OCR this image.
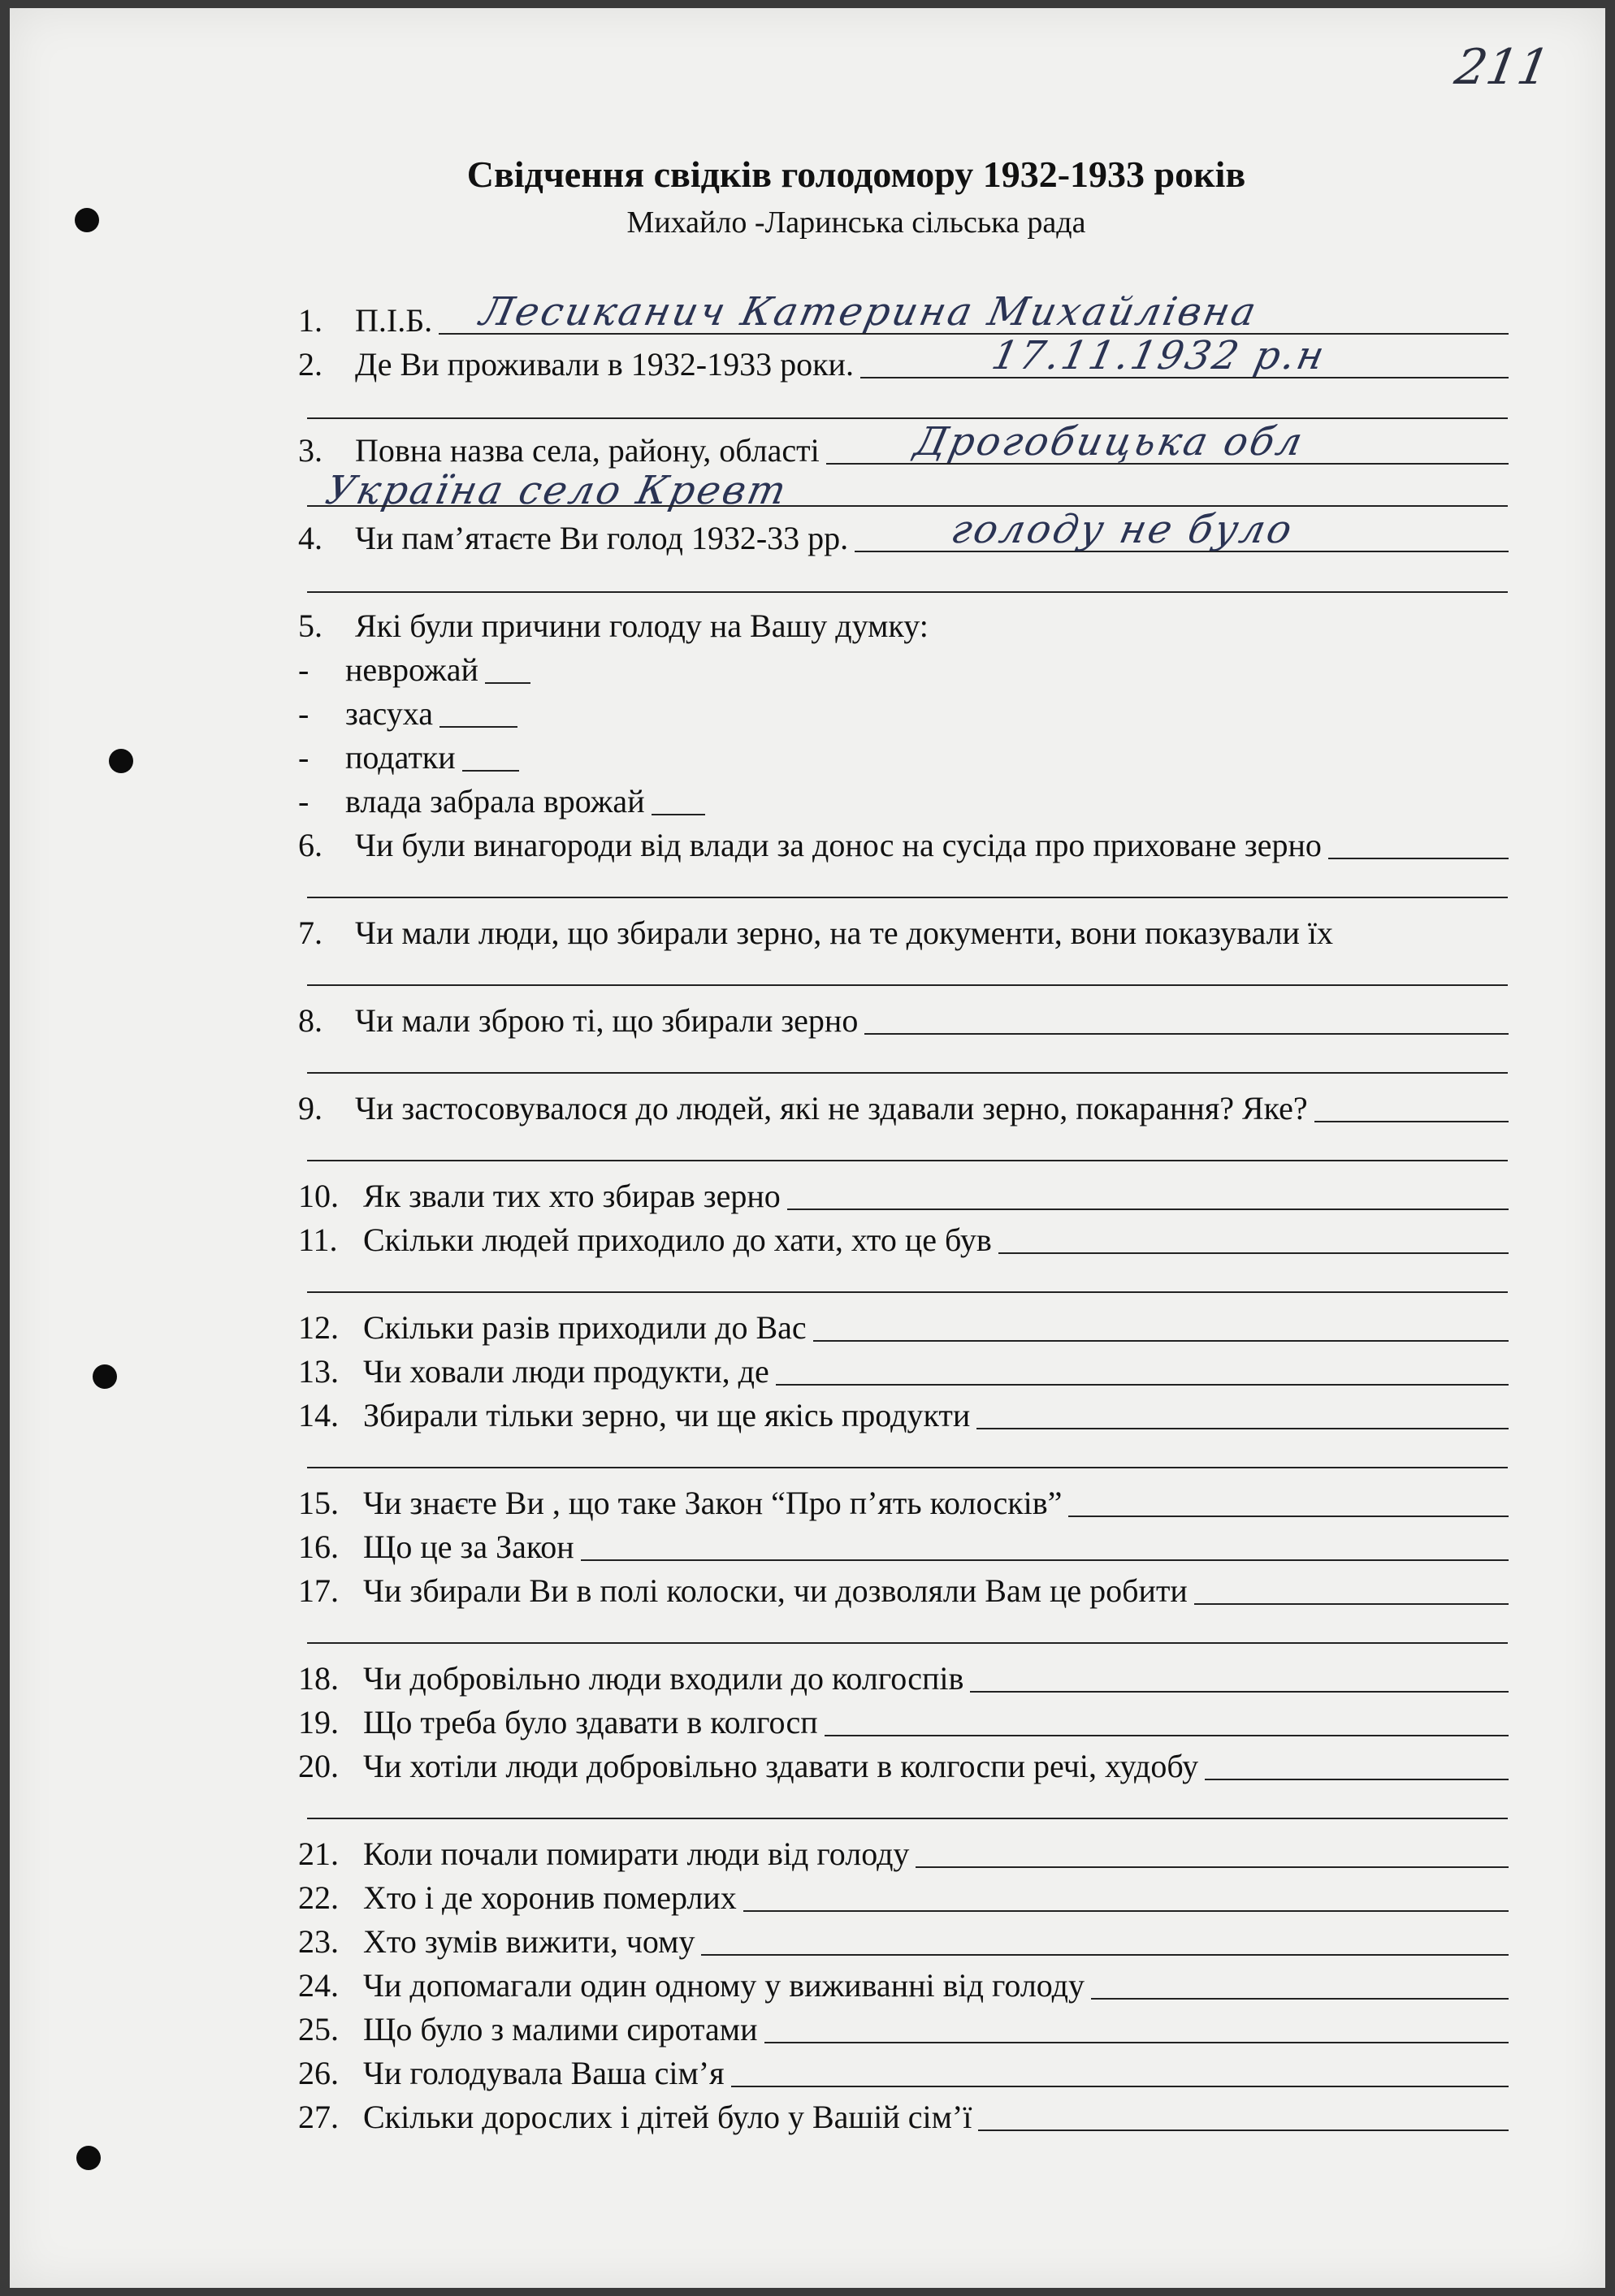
211
Свідчення свідків голодомору 1932-1933 років
Михайло -Ларинська сільська рада
1.	П.І.Б. Лесиканич Катерина Михайлівна
2.	Де Ви проживали в 1932-1933 роки.	17.11.1932 р.н
3.	Повна назва села, району, області Дрогобицька обл
Україна село Кревт
4.	Чи пам’ятаєте Ви голод 1932-33 рр.	голоду не було
5.	Які були причини голоду на Вашу думку:
-	неврожай
-	засуха
-	податки
-	влада забрала врожай
6.	Чи були винагороди від влади за донос на сусіда про приховане зерно
7.	Чи мали люди, що збирали зерно, на те документи, вони показували їх
8.	Чи мали зброю ті, що збирали зерно
9.	Чи застосовувалося до людей, які не здавали зерно, покарання? Яке?
10. Як звали тих хто збирав зерно
11. Скільки людей приходило до хати, хто це був
12. Скільки разів приходили до Вас
13. Чи ховали люди продукти, де
14. Збирали тільки зерно, чи ще якісь продукти
15. Чи знаєте Ви , що таке Закон “Про п’ять колосків”
16. Що це за Закон
17. Чи збирали Ви в полі колоски, чи дозволяли Вам це робити
18. Чи добровільно люди входили до колгоспів
19. Що треба було здавати в колгосп
20. Чи хотіли люди добровільно здавати в колгоспи речі, худобу
21. Коли почали помирати люди від голоду
22. Хто і де хоронив померлих
23. Хто зумів вижити, чому
24. Чи допомагали один одному у виживанні від голоду
25. Що було з малими сиротами
26. Чи голодувала Ваша сім’я
27. Скільки дорослих і дітей було у Вашій сім’ї
